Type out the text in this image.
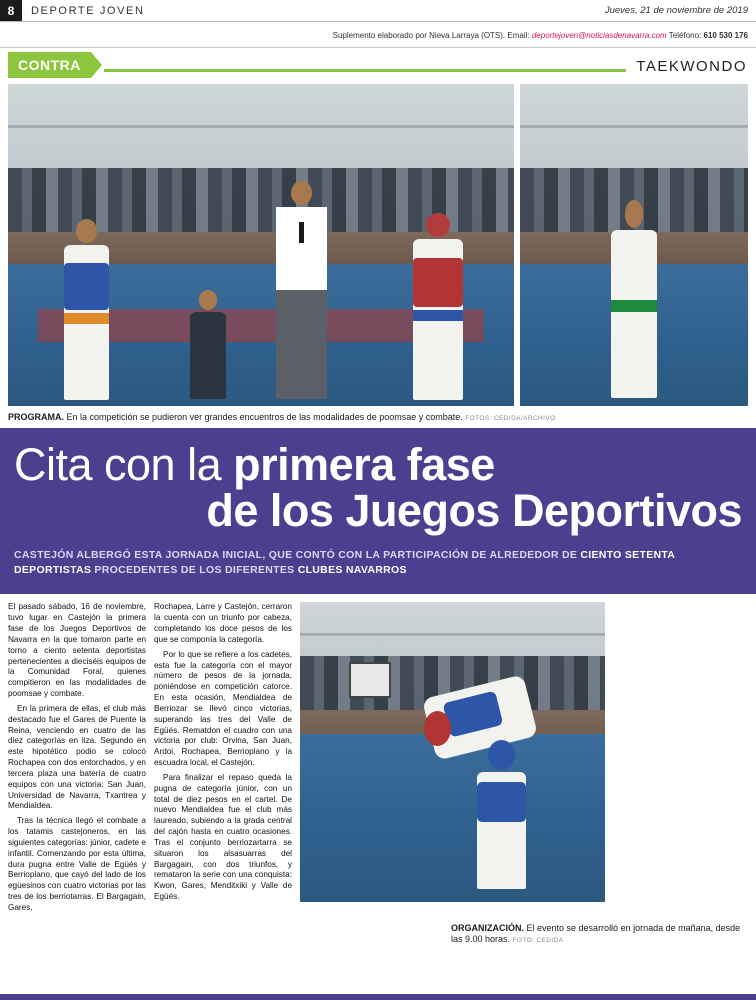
8	DEPORTE JOVEN	Jueves, 21 de noviembre de 2019
Suplemento elaborado por Nieva Larraya (OTS). Email: deportejoven@noticiasdenavarra.com Teléfono: 610 530 176
CONTRA	TAEKWONDO
PROGRAMA. En la competición se pudieron ver grandes encuentros de las modalidades de poomsae y combate. FOTOS: CEDIDA/ARCHIVO
Cita con la primera fase
de los Juegos Deportivos
CASTEJÓN ALBERGÓ ESTA JORNADA INICIAL, QUE CONTÓ CON LA PARTICIPACIÓN DE ALREDEDOR DE CIENTO SETENTA DEPORTISTAS PROCEDENTES DE LOS DIFERENTES CLUBES NAVARROS

El pasado sábado, 16 de noviembre, tuvo lugar en Castejón la primera fase de los Juegos Deportivos de Navarra en la que tomaron parte en torno a ciento setenta deportistas pertenecientes a dieciséis equipos de la Comunidad Foral, quienes compitieron en las modalidades de poomsae y combate.

En la primera de ellas, el club más destacado fue el Gares de Puente la Reina, venciendo en cuatro de las diez categorías en liza. Segundo en este hipotético podio se colocó Rochapea con dos entorchados, y en tercera plaza una batería de cuatro equipos con una victoria: San Juan, Universidad de Navarra, Txantrea y Mendialdea.

Tras la técnica llegó el combate a los tatamis castejoneros, en las siguientes categorías: júnior, cadete e infantil. Comenzando por esta última, dura pugna entre Valle de Egüés y Berrioplano, que cayó del lado de los egüesinos con cuatro victorias por las tres de los berriotarras. El Bargagain, Gares,

Rochapea, Larre y Castejón, cerraron la cuenta con un triunfo por cabeza, completando los doce pesos de los que se componía la categoría.

Por lo que se refiere a los cadetes, esta fue la categoría con el mayor número de pesos de la jornada, poniéndose en competición catorce. En esta ocasión, Mendialdea de Berriozar se llevó cinco victorias, superando las tres del Valle de Egüés. Rematdon el cuadro con una victoria por club: Orvina, San Juan, Ardoi, Rochapea, Berrioplano y la escuadra local, el Castejón.

Para finalizar el repaso queda la pugna de categoría júnior, con un total de diez pesos en el cartel. De nuevo Mendialdea fue el club más laureado, subiendo a la grada central del cajón hasta en cuatro ocasiones. Tras el conjunto berriozartarra se situaron los alsasuarras del Bargagain, con dos triunfos, y remataron la serie con una conquista: Kwon, Gares, Menditxiki y Valle de Egüés.

ORGANIZACIÓN. El evento se desarrolló en jornada de mañana, desde las 9.00 horas. FOTO: CEDIDA
